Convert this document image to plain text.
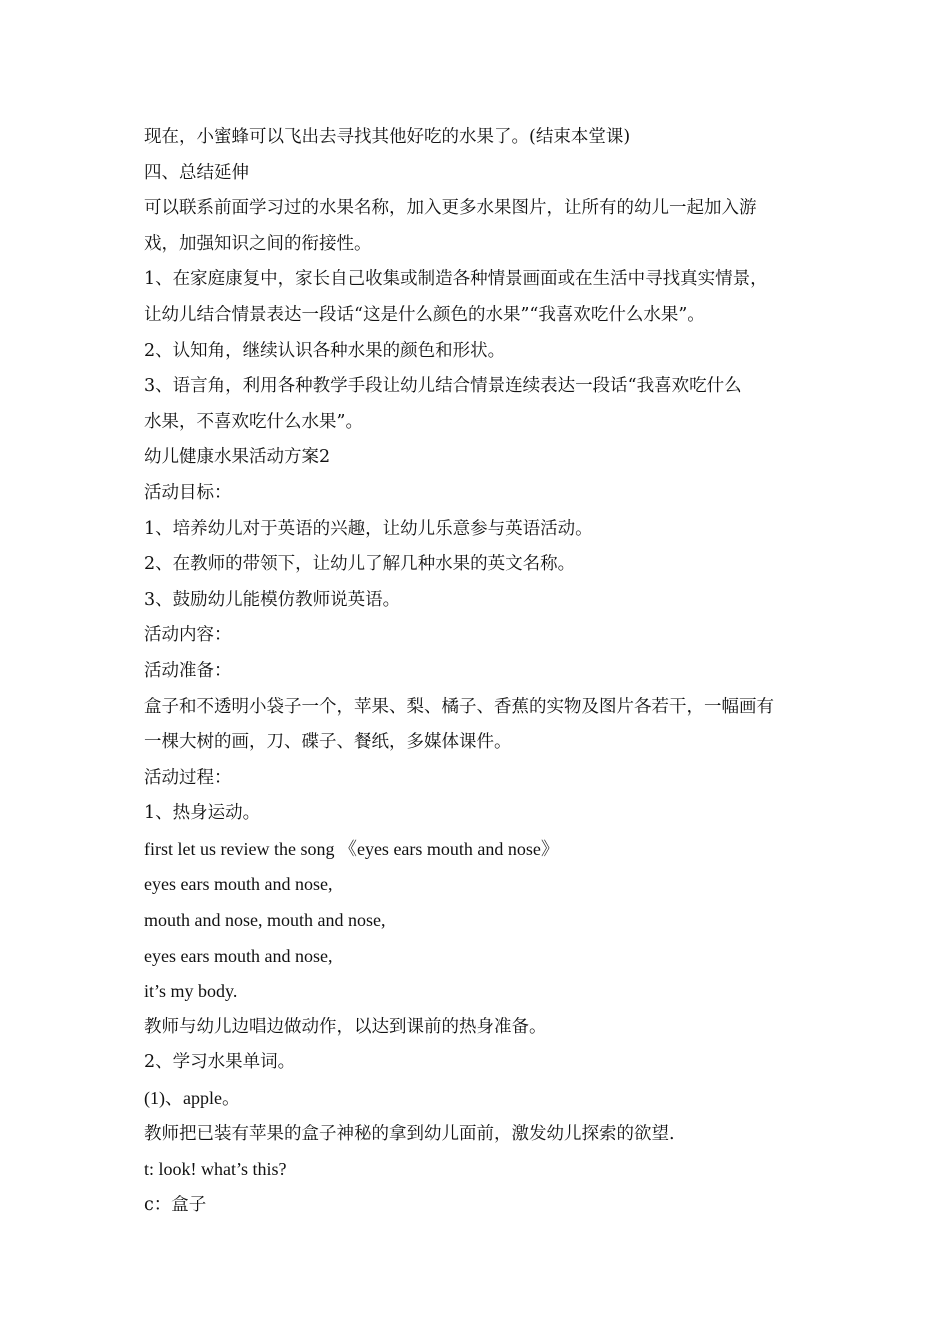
现在，小蜜蜂可以飞出去寻找其他好吃的水果了。(结束本堂课)
四、总结延伸
可以联系前面学习过的水果名称，加入更多水果图片，让所有的幼儿一起加入游
戏，加强知识之间的衔接性。
1、在家庭康复中，家长自己收集或制造各种情景画面或在生活中寻找真实情景，
让幼儿结合情景表达一段话“这是什么颜色的水果”“我喜欢吃什么水果”。
2、认知角，继续认识各种水果的颜色和形状。
3、语言角，利用各种教学手段让幼儿结合情景连续表达一段话“我喜欢吃什么
水果，不喜欢吃什么水果”。
幼儿健康水果活动方案2
活动目标：
1、培养幼儿对于英语的兴趣，让幼儿乐意参与英语活动。
2、在教师的带领下，让幼儿了解几种水果的英文名称。
3、鼓励幼儿能模仿教师说英语。
活动内容：
活动准备：
盒子和不透明小袋子一个，苹果、梨、橘子、香蕉的实物及图片各若干，一幅画有
一棵大树的画，刀、碟子、餐纸，多媒体课件。
活动过程：
1、热身运动。
first let us review the song 《eyes ears mouth and nose》
eyes ears mouth and nose,
mouth and nose, mouth and nose,
eyes ears mouth and nose,
it’s my body.
教师与幼儿边唱边做动作，以达到课前的热身准备。
2、学习水果单词。
(1)、apple。
教师把已装有苹果的盒子神秘的拿到幼儿面前，激发幼儿探索的欲望.
t: look! what’s this?
c：盒子
